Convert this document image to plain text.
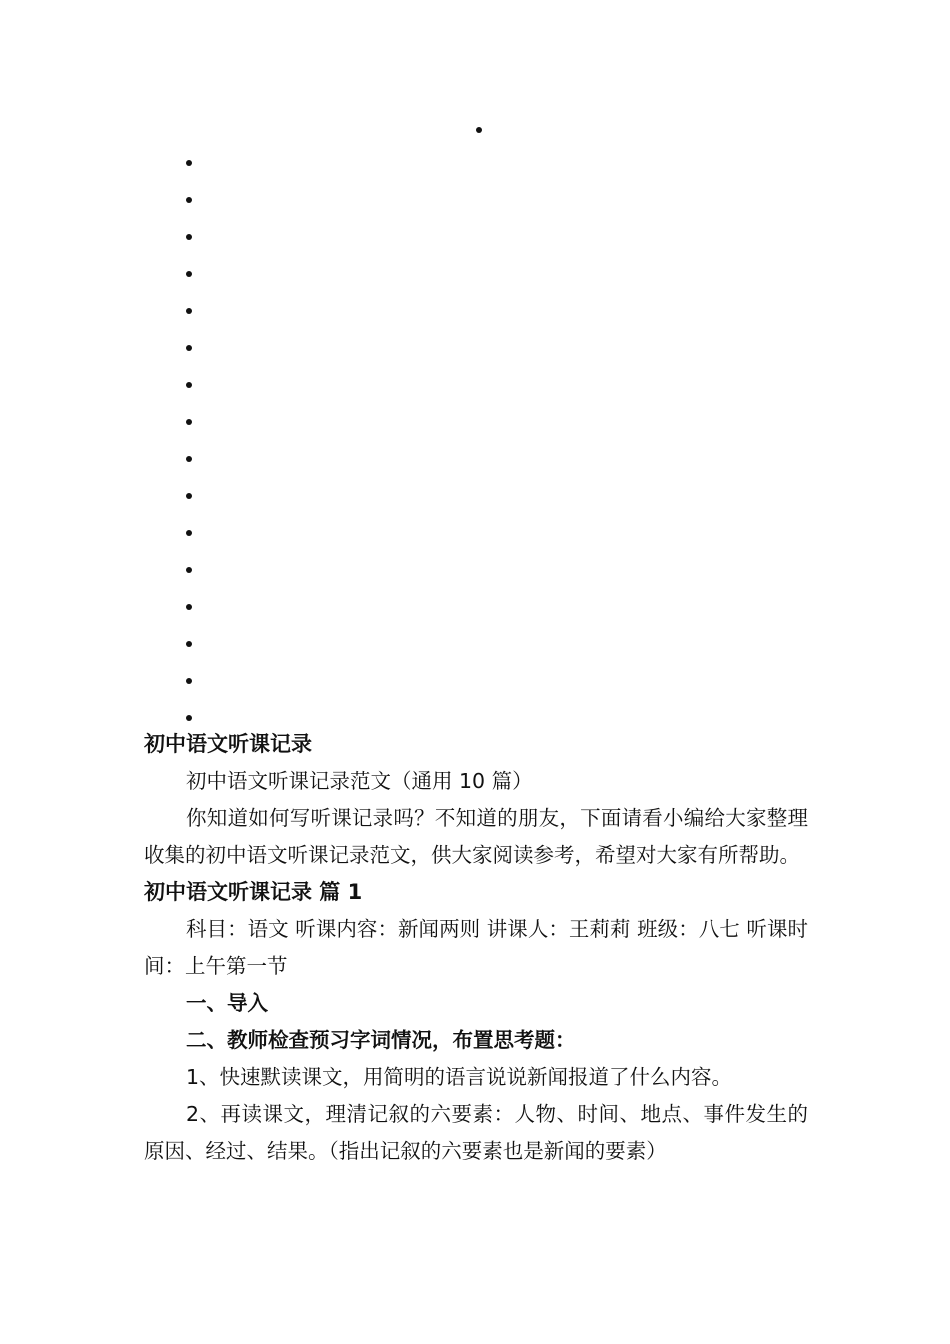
初中语文听课记录

初中语文听课记录范文（通用 10 篇）

你知道如何写听课记录吗？不知道的朋友，下面请看小编给大家整理收集的初中语文听课记录范文，供大家阅读参考，希望对大家有所帮助。

初中语文听课记录 篇 1

科目：语文 听课内容：新闻两则 讲课人：王莉莉 班级：八七 听课时间：上午第一节

一、导入

二、教师检查预习字词情况，布置思考题：

1、快速默读课文，用简明的语言说说新闻报道了什么内容。

2、再读课文，理清记叙的六要素：人物、时间、地点、事件发生的原因、经过、结果。（指出记叙的六要素也是新闻的要素）
